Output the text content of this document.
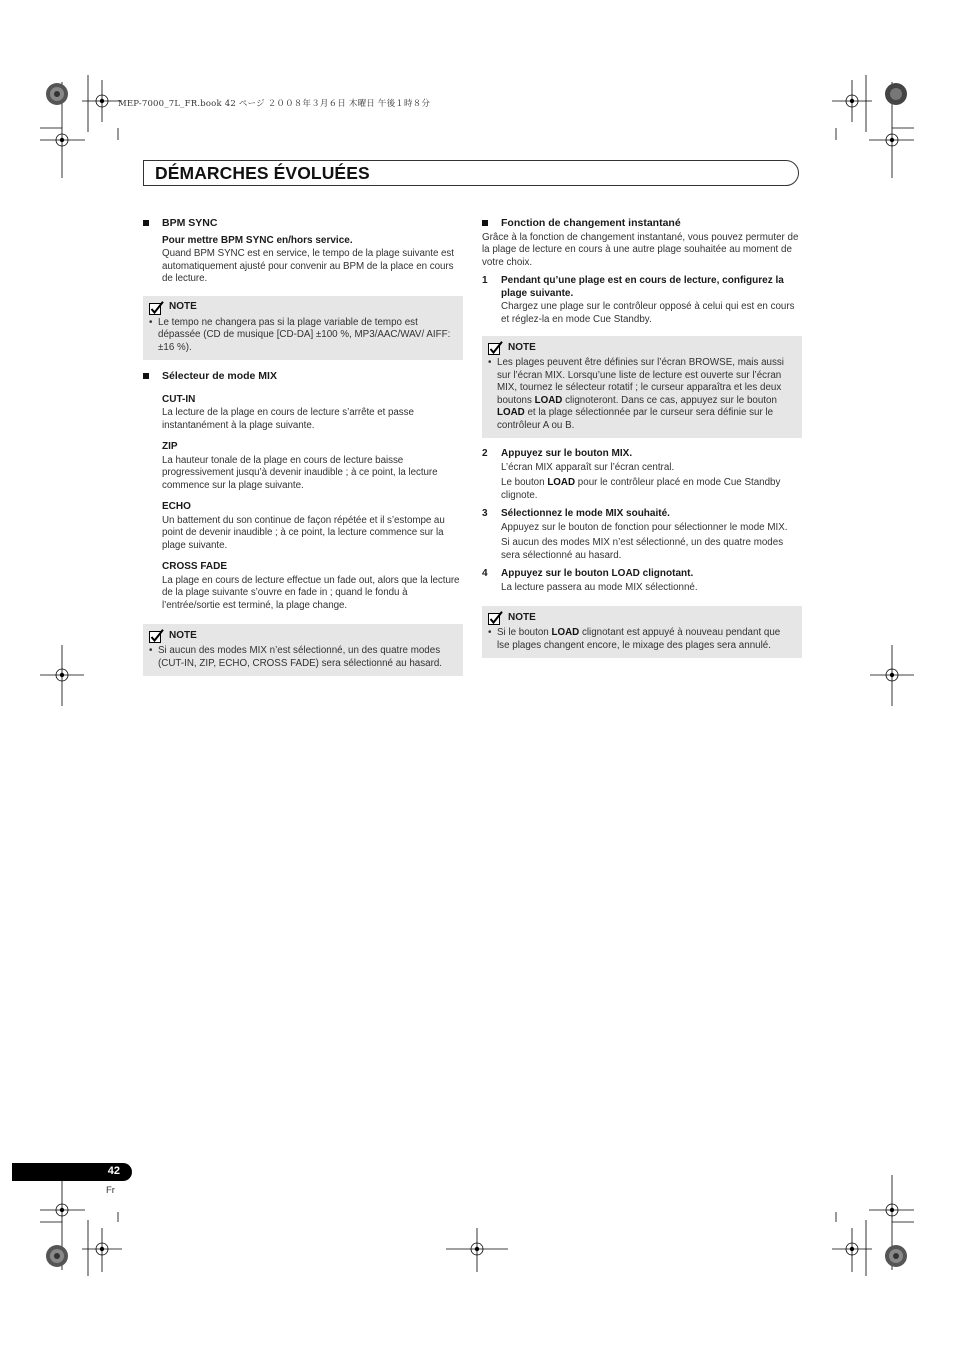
MEP-7000_7L_FR.book 42 ページ ２００８年３月６日 木曜日 午後１時８分
DÉMARCHES ÉVOLUÉES

BPM SYNC

Pour mettre BPM SYNC en/hors service.
Quand BPM SYNC est en service, le tempo de la plage suivante est automatiquement ajusté pour convenir au BPM de la place en cours de lecture.
NOTE
• Le tempo ne changera pas si la plage variable de tempo est dépassée (CD de musique [CD-DA] ±100 %, MP3/AAC/WAV/ AIFF: ±16 %).

Sélecteur de mode MIX

CUT-IN
La lecture de la plage en cours de lecture s’arrête et passe instantanément à la plage suivante.
ZIP
La hauteur tonale de la plage en cours de lecture baisse progressivement jusqu’à devenir inaudible ; à ce point, la lecture commence sur la plage suivante.
ECHO
Un battement du son continue de façon répétée et il s’estompe au point de devenir inaudible ; à ce point, la lecture commence sur la plage suivante.
CROSS FADE
La plage en cours de lecture effectue un fade out, alors que la lecture de la plage suivante s’ouvre en fade in ; quand le fondu à l’entrée/sortie est terminé, la plage change.
NOTE
• Si aucun des modes MIX n’est sélectionné, un des quatre modes (CUT-IN, ZIP, ECHO, CROSS FADE) sera sélectionné au hasard.

Fonction de changement instantané

Grâce à la fonction de changement instantané, vous pouvez permuter de la plage de lecture en cours à une autre plage souhaitée au moment de votre choix.
1 Pendant qu’une plage est en cours de lecture, configurez la plage suivante.
Chargez une plage sur le contrôleur opposé à celui qui est en cours et réglez-la en mode Cue Standby.
NOTE
• Les plages peuvent être définies sur l’écran BROWSE, mais aussi sur l’écran MIX. Lorsqu’une liste de lecture est ouverte sur l’écran MIX, tournez le sélecteur rotatif ; le curseur apparaîtra et les deux boutons LOAD clignoteront. Dans ce cas, appuyez sur le bouton LOAD et la plage sélectionnée par le curseur sera définie sur le contrôleur A ou B.
2 Appuyez sur le bouton MIX.
L’écran MIX apparaît sur l’écran central.
Le bouton LOAD pour le contrôleur placé en mode Cue Standby clignote.
3 Sélectionnez le mode MIX souhaité.
Appuyez sur le bouton de fonction pour sélectionner le mode MIX.
Si aucun des modes MIX n’est sélectionné, un des quatre modes sera sélectionné au hasard.
4 Appuyez sur le bouton LOAD clignotant.
La lecture passera au mode MIX sélectionné.
NOTE
• Si le bouton LOAD clignotant est appuyé à nouveau pendant que lse plages changent encore, le mixage des plages sera annulé.
42
Fr
